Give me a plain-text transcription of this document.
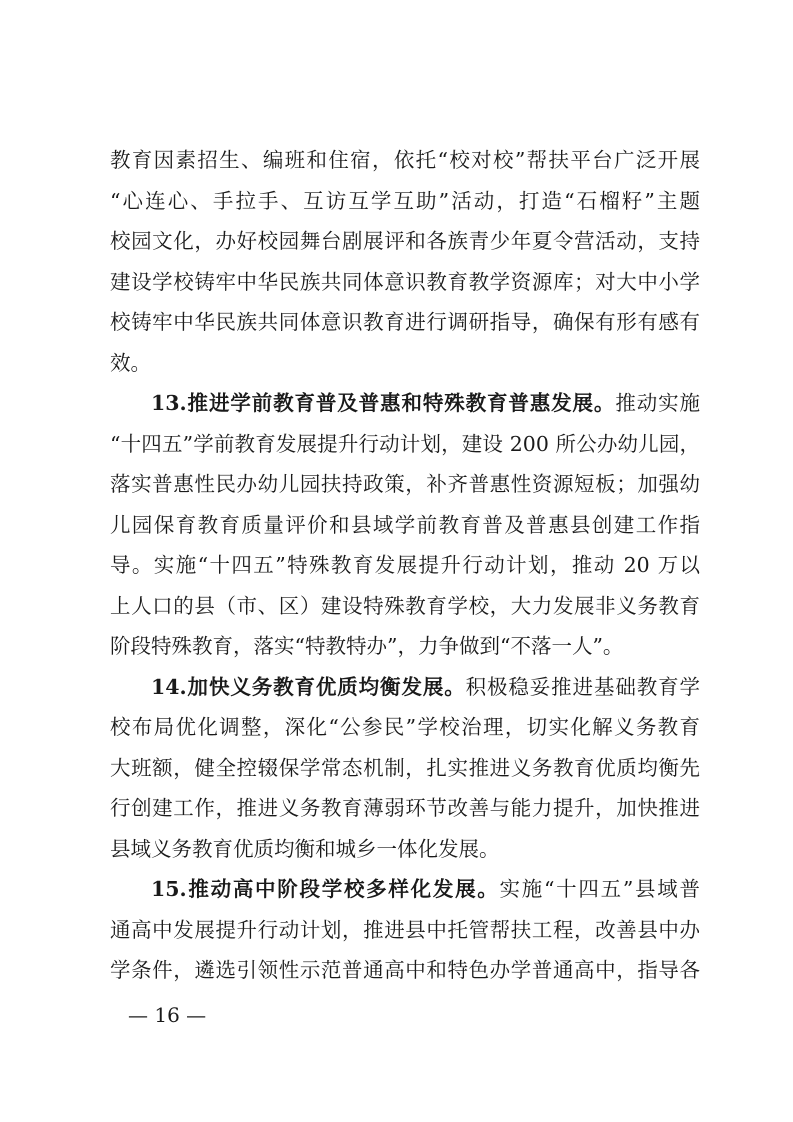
教育因素招生、编班和住宿，依托“校对校”帮扶平台广泛开展
“心连心、手拉手、互访互学互助”活动，打造“石榴籽”主题
校园文化，办好校园舞台剧展评和各族青少年夏令营活动，支持
建设学校铸牢中华民族共同体意识教育教学资源库；对大中小学
校铸牢中华民族共同体意识教育进行调研指导，确保有形有感有
效。
13.推进学前教育普及普惠和特殊教育普惠发展。推动实施
“十四五”学前教育发展提升行动计划，建设 200 所公办幼儿园，
落实普惠性民办幼儿园扶持政策，补齐普惠性资源短板；加强幼
儿园保育教育质量评价和县域学前教育普及普惠县创建工作指
导。实施“十四五”特殊教育发展提升行动计划，推动 20 万以
上人口的县（市、区）建设特殊教育学校，大力发展非义务教育
阶段特殊教育，落实“特教特办”，力争做到“不落一人”。
14.加快义务教育优质均衡发展。积极稳妥推进基础教育学
校布局优化调整，深化“公参民”学校治理，切实化解义务教育
大班额，健全控辍保学常态机制，扎实推进义务教育优质均衡先
行创建工作，推进义务教育薄弱环节改善与能力提升，加快推进
县域义务教育优质均衡和城乡一体化发展。
15.推动高中阶段学校多样化发展。实施“十四五”县域普
通高中发展提升行动计划，推进县中托管帮扶工程，改善县中办
学条件，遴选引领性示范普通高中和特色办学普通高中，指导各
— 16 —
